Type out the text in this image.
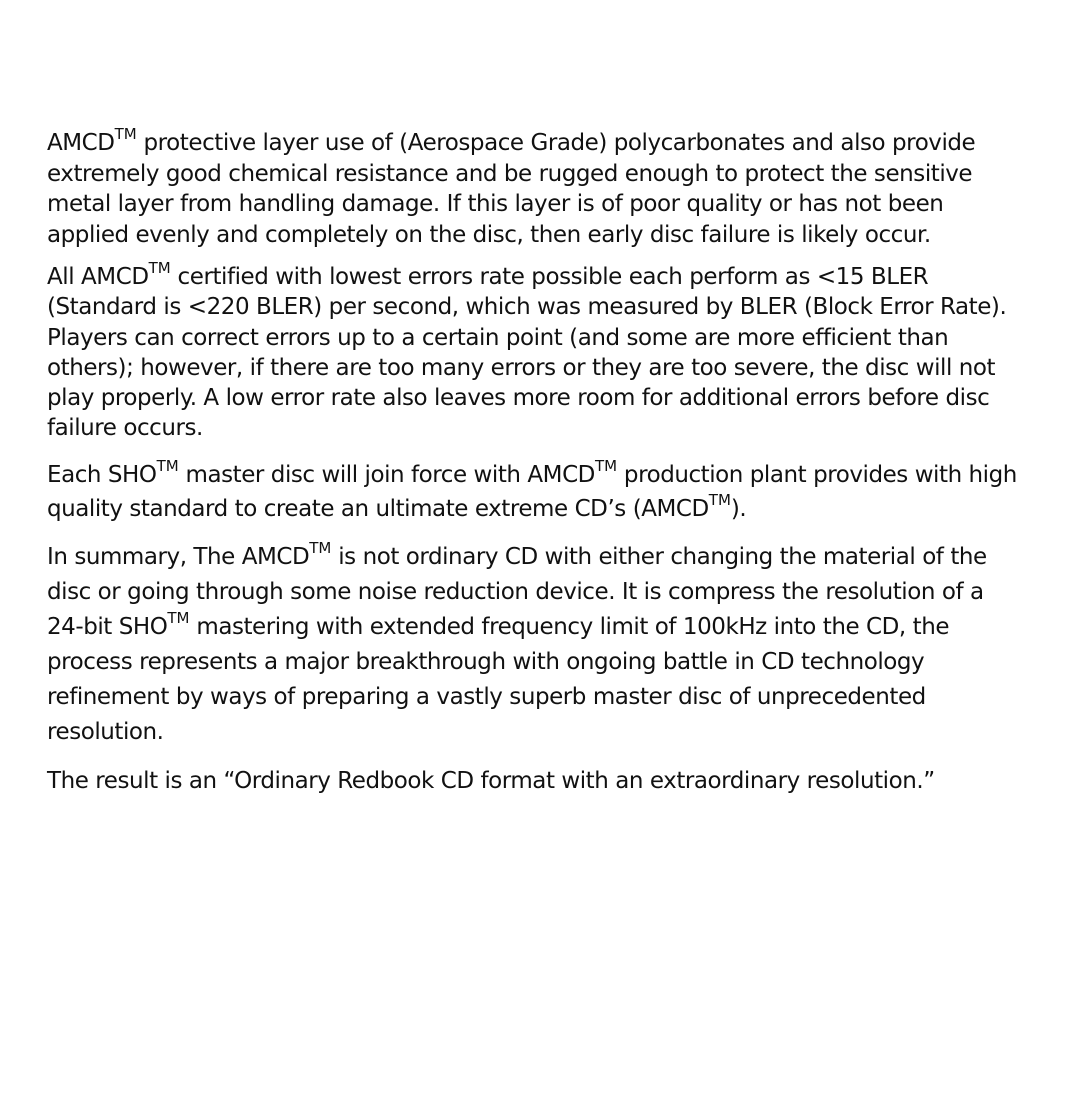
AMCD™ protective layer use of (Aerospace Grade) polycarbonates and also provide
extremely good chemical resistance and be rugged enough to protect the sensitive
metal layer from handling damage. If this layer is of poor quality or has not been
applied evenly and completely on the disc, then early disc failure is likely occur.

All AMCD™ certified with lowest errors rate possible each perform as <15 BLER
(Standard is <220 BLER) per second, which was measured by BLER (Block Error Rate).
Players can correct errors up to a certain point (and some are more efficient than
others); however, if there are too many errors or they are too severe, the disc will not
play properly. A low error rate also leaves more room for additional errors before disc
failure occurs.

Each SHO™ master disc will join force with AMCD™ production plant provides with high
quality standard to create an ultimate extreme CD’s (AMCD™).

In summary, The AMCD™ is not ordinary CD with either changing the material of the
disc or going through some noise reduction device. It is compress the resolution of a
24-bit SHO™ mastering with extended frequency limit of 100kHz into the CD, the
process represents a major breakthrough with ongoing battle in CD technology
refinement by ways of preparing a vastly superb master disc of unprecedented
resolution.

The result is an “Ordinary Redbook CD format with an extraordinary resolution.”
